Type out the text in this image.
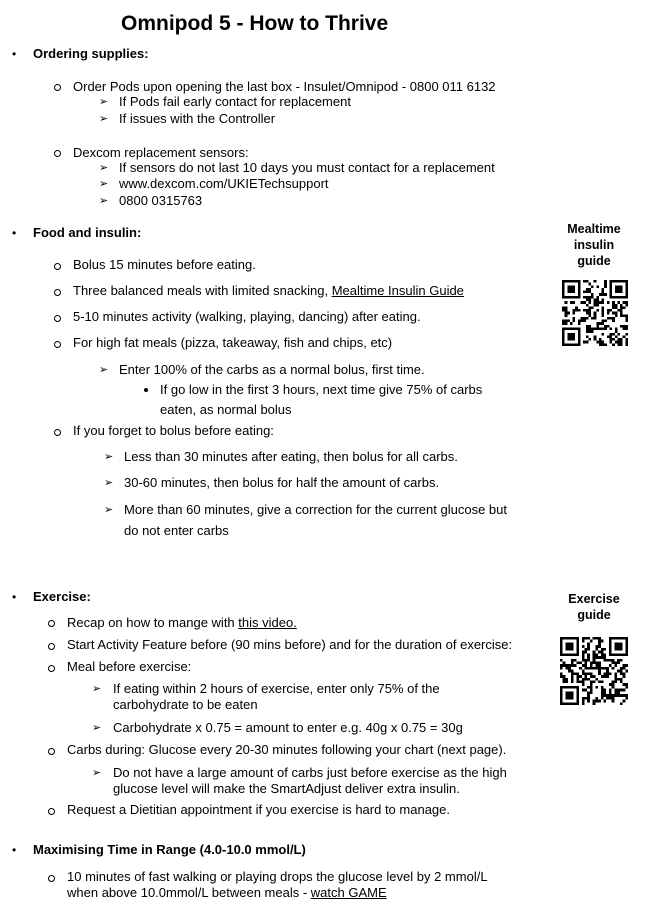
Omnipod 5 - How to Thrive
• Ordering supplies:
Order Pods upon opening the last box - Insulet/Omnipod - 0800 011 6132
➢ If Pods fail early contact for replacement
➢ If issues with the Controller
Dexcom replacement sensors:
➢ If sensors do not last 10 days you must contact for a replacement
➢ www.dexcom.com/UKIETechsupport
➢ 0800 0315763
• Food and insulin:
Bolus 15 minutes before eating.
Three balanced meals with limited snacking, Mealtime Insulin Guide
5-10 minutes activity (walking, playing, dancing) after eating.
For high fat meals (pizza, takeaway, fish and chips, etc)
➢ Enter 100% of the carbs as a normal bolus, first time.
If go low in the first 3 hours, next time give 75% of carbs
eaten, as normal bolus
If you forget to bolus before eating:
➢ Less than 30 minutes after eating, then bolus for all carbs.
➢ 30-60 minutes, then bolus for half the amount of carbs.
➢ More than 60 minutes, give a correction for the current glucose but
do not enter carbs
Mealtime
insulin
guide
• Exercise:
Recap on how to mange with this video.
Start Activity Feature before (90 mins before) and for the duration of exercise:
Meal before exercise:
➢ If eating within 2 hours of exercise, enter only 75% of the
carbohydrate to be eaten
➢ Carbohydrate x 0.75 = amount to enter e.g. 40g x 0.75 = 30g
Carbs during: Glucose every 20-30 minutes following your chart (next page).
➢ Do not have a large amount of carbs just before exercise as the high
glucose level will make the SmartAdjust deliver extra insulin.
Request a Dietitian appointment if you exercise is hard to manage.
Exercise
guide
• Maximising Time in Range (4.0-10.0 mmol/L)
10 minutes of fast walking or playing drops the glucose level by 2 mmol/L
when above 10.0mmol/L between meals - watch GAME
